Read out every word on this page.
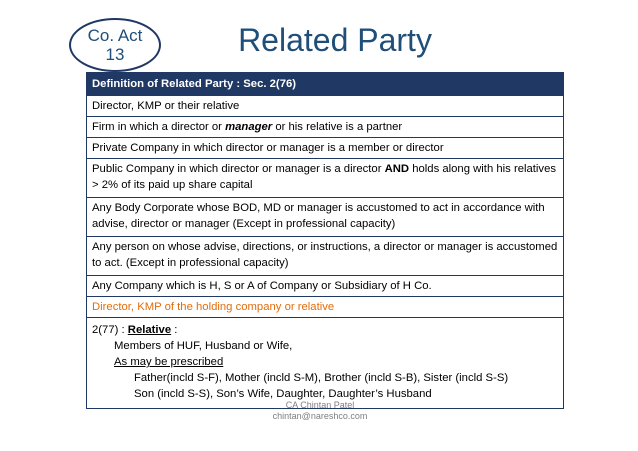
Co. Act
13	Related Party
Definition of Related Party : Sec. 2(76)
Director, KMP or their relative
Firm in which a director or manager or his relative is a partner
Private Company in which director or manager is a member or director
Public Company in which director or manager is a director AND holds along with his relatives > 2% of its paid up share capital
Any Body Corporate whose BOD, MD or manager is accustomed to act in accordance with advise, director or manager (Except in professional capacity)
Any person on whose advise, directions, or instructions, a director or manager is accustomed to act. (Except in professional capacity)
Any Company which is H, S or A of Company or Subsidiary of H Co.
Director, KMP of the holding company or relative
2(77) : Relative :
Members of HUF, Husband or Wife,
As may be prescribed
Father(incld S-F), Mother (incld S-M), Brother (incld S-B), Sister (incld S-S)
Son (incld S-S), Son’s Wife, Daughter, Daughter’s Husband
CA Chintan Patel
chintan@nareshco.com
